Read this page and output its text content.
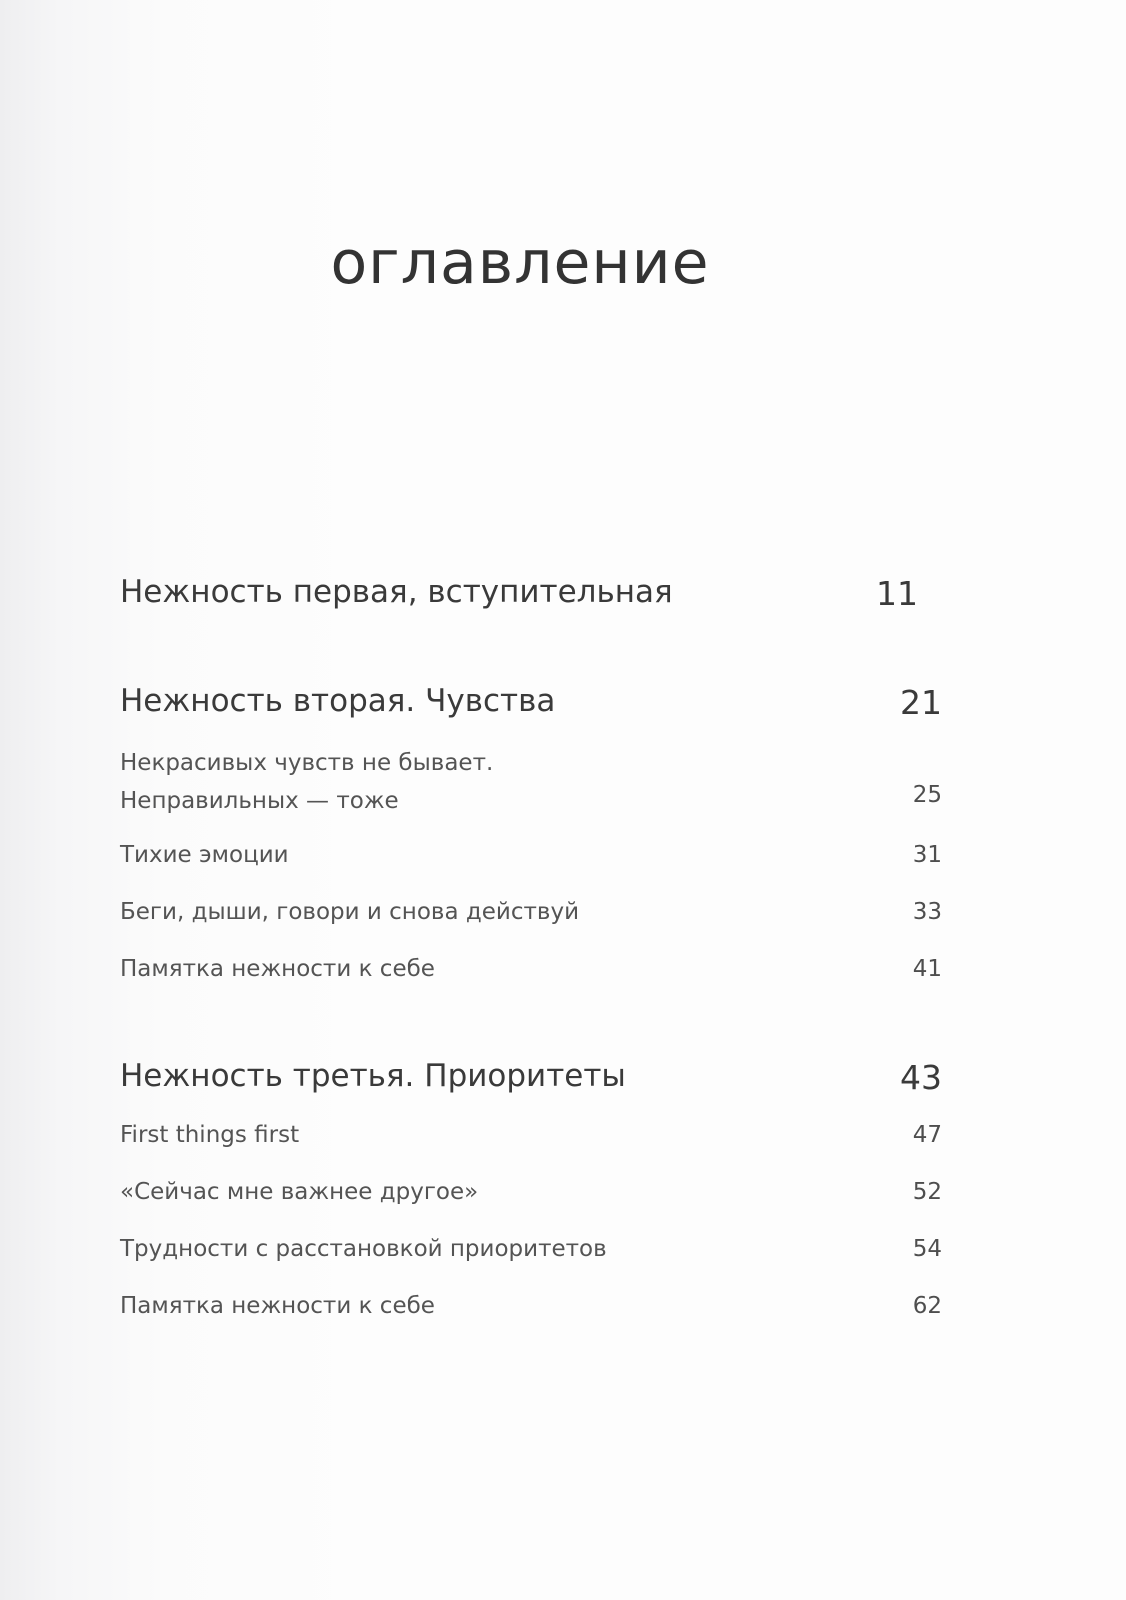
оглавление
Нежность первая, вступительная	11
Нежность вторая. Чувства	21
Некрасивых чувств не бывает.
Неправильных — тоже	25
Тихие эмоции	31
Беги, дыши, говори и снова действуй	33
Памятка нежности к себе	41
Нежность третья. Приоритеты	43
First things first	47
«Сейчас мне важнее другое»	52
Трудности с расстановкой приоритетов	54
Памятка нежности к себе	62
